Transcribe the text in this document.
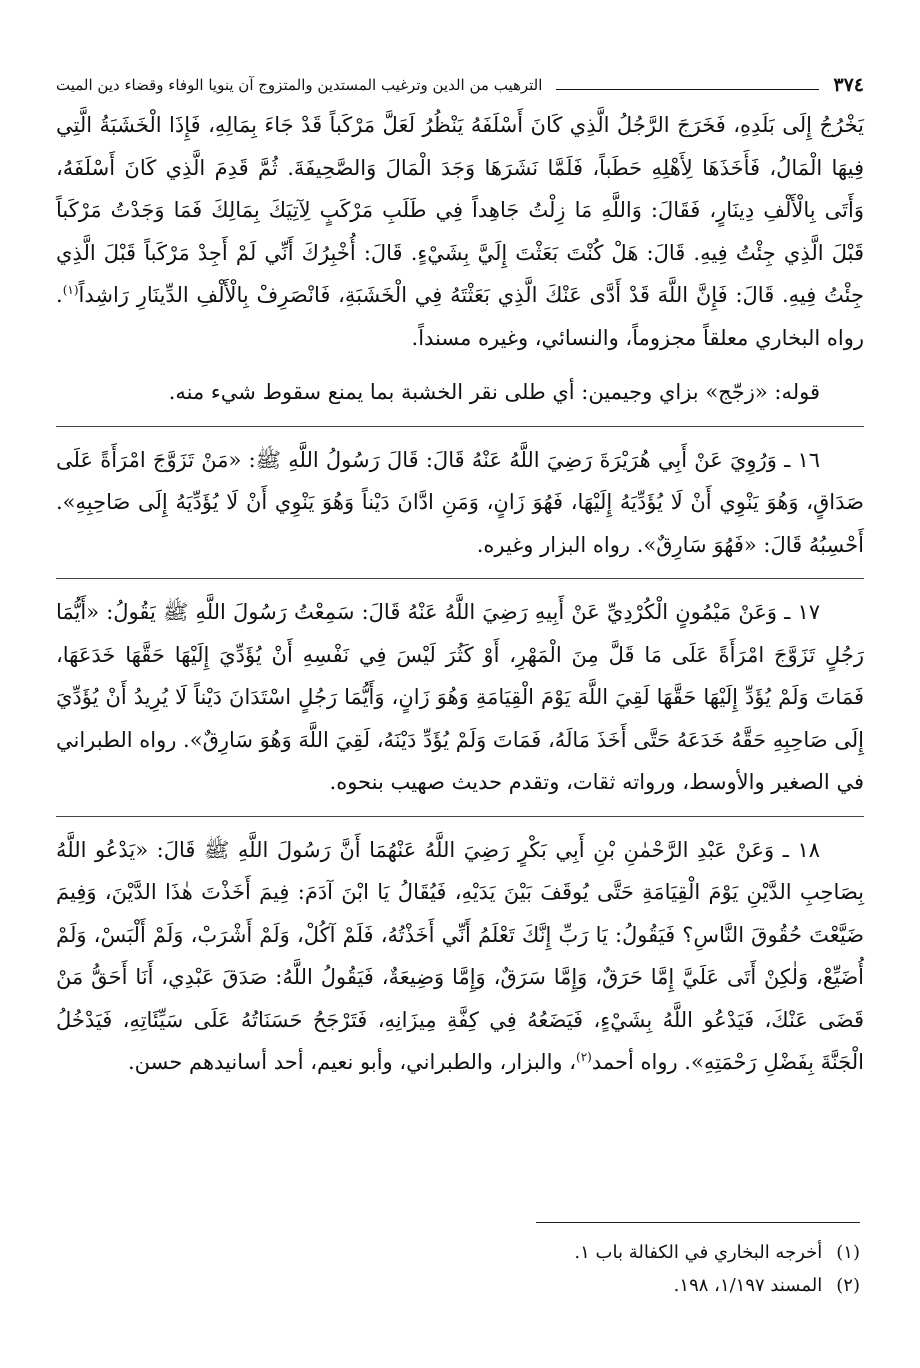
٣٧٤
الترهيب من الدين وترغيب المستدين والمتزوج آن ينويا الوفاء وقضاء دين الميت

يَخْرُجُ إِلَى بَلَدِهِ، فَخَرَجَ الرَّجُلُ الَّذِي كَانَ أَسْلَفَهُ يَنْظُرُ لَعَلَّ مَرْكَباً قَدْ جَاءَ بِمَالِهِ، فَإِذَا الْخَشَبَةُ الَّتِي فِيهَا الْمَالُ، فَأَخَذَهَا لِأَهْلِهِ حَطَباً، فَلَمَّا نَشَرَهَا وَجَدَ الْمَالَ وَالصَّحِيفَةَ. ثُمَّ قَدِمَ الَّذِي كَانَ أَسْلَفَهُ، وَأَتَى بِالْأَلْفِ دِينَارٍ، فَقَالَ: وَاللَّهِ مَا زِلْتُ جَاهِداً فِي طَلَبِ مَرْكَبٍ لِآتِيَكَ بِمَالِكَ فَمَا وَجَدْتُ مَرْكَباً قَبْلَ الَّذِي جِئْتُ فِيهِ. قَالَ: هَلْ كُنْتَ بَعَثْتَ إِلَيَّ بِشَيْءٍ. قَالَ: أُخْبِرُكَ أَنِّي لَمْ أَجِدْ مَرْكَباً قَبْلَ الَّذِي جِئْتُ فِيهِ. قَالَ: فَإِنَّ اللَّهَ قَدْ أَدَّى عَنْكَ الَّذِي بَعَثْتَهُ فِي الْخَشَبَةِ، فَانْصَرِفْ بِالْأَلْفِ الدِّينَارِ رَاشِداً$^{(١)}$. رواه البخاري معلقاً مجزوماً، والنسائي، وغيره مسنداً.

قوله: «زجّج» بزاي وجيمين: أي طلى نقر الخشبة بما يمنع سقوط شيء منه.

١٦ ـ وَرُوِيَ عَنْ أَبِي هُرَيْرَةَ رَضِيَ اللَّهُ عَنْهُ قَالَ: قَالَ رَسُولُ اللَّهِ ﷺ: «مَنْ تَزَوَّجَ امْرَأَةً عَلَى صَدَاقٍ، وَهُوَ يَنْوِي أَنْ لَا يُؤَدِّيَهُ إِلَيْهَا، فَهُوَ زَانٍ، وَمَنِ ادَّانَ دَيْناً وَهُوَ يَنْوِي أَنْ لَا يُؤَدِّيَهُ إِلَى صَاحِبِهِ». أَحْسِبُهُ قَالَ: «فَهُوَ سَارِقٌ». رواه البزار وغيره.

١٧ ـ وَعَنْ مَيْمُونٍ الْكُرْدِيِّ عَنْ أَبِيهِ رَضِيَ اللَّهُ عَنْهُ قَالَ: سَمِعْتُ رَسُولَ اللَّهِ ﷺ يَقُولُ: «أَيُّمَا رَجُلٍ تَزَوَّجَ امْرَأَةً عَلَى مَا قَلَّ مِنَ الْمَهْرِ، أَوْ كَثُرَ لَيْسَ فِي نَفْسِهِ أَنْ يُؤَدِّيَ إِلَيْهَا حَقَّهَا خَدَعَهَا، فَمَاتَ وَلَمْ يُؤَدِّ إِلَيْهَا حَقَّهَا لَقِيَ اللَّهَ يَوْمَ الْقِيَامَةِ وَهُوَ زَانٍ، وَأَيُّمَا رَجُلٍ اسْتَدَانَ دَيْناً لَا يُرِيدُ أَنْ يُؤَدِّيَ إِلَى صَاحِبِهِ حَقَّهُ خَدَعَهُ حَتَّى أَخَذَ مَالَهُ، فَمَاتَ وَلَمْ يُؤَدِّ دَيْنَهُ، لَقِيَ اللَّهَ وَهُوَ سَارِقٌ». رواه الطبراني في الصغير والأوسط، ورواته ثقات، وتقدم حديث صهيب بنحوه.

١٨ ـ وَعَنْ عَبْدِ الرَّحْمٰنِ بْنِ أَبِي بَكْرٍ رَضِيَ اللَّهُ عَنْهُمَا أَنَّ رَسُولَ اللَّهِ ﷺ قَالَ: «يَدْعُو اللَّهُ بِصَاحِبِ الدَّيْنِ يَوْمَ الْقِيَامَةِ حَتَّى يُوقَفَ بَيْنَ يَدَيْهِ، فَيُقَالُ يَا ابْنَ آدَمَ: فِيمَ أَخَذْتَ هٰذَا الدَّيْنَ، وَفِيمَ ضَيَّعْتَ حُقُوقَ النَّاسِ؟ فَيَقُولُ: يَا رَبِّ إِنَّكَ تَعْلَمُ أَنِّي أَخَذْتُهُ، فَلَمْ آكُلْ، وَلَمْ أَشْرَبْ، وَلَمْ أَلْبَسْ، وَلَمْ أُضَيِّعْ، وَلٰكِنْ أَتَى عَلَيَّ إِمَّا حَرَقٌ، وَإِمَّا سَرَقٌ، وَإِمَّا وَضِيعَةٌ، فَيَقُولُ اللَّهُ: صَدَقَ عَبْدِي، أَنَا أَحَقُّ مَنْ قَضَى عَنْكَ، فَيَدْعُو اللَّهُ بِشَيْءٍ، فَيَضَعُهُ فِي كِفَّةِ مِيزَانِهِ، فَتَرْجَحُ حَسَنَاتُهُ عَلَى سَيِّئَاتِهِ، فَيَدْخُلُ الْجَنَّةَ بِفَضْلِ رَحْمَتِهِ». رواه أحمد$^{(٢)}$، والبزار، والطبراني، وأبو نعيم، أحد أسانيدهم حسن.

(١)
أخرجه البخاري في الكفالة باب ١.
(٢)
المسند ١/١٩٧، ١٩٨.
